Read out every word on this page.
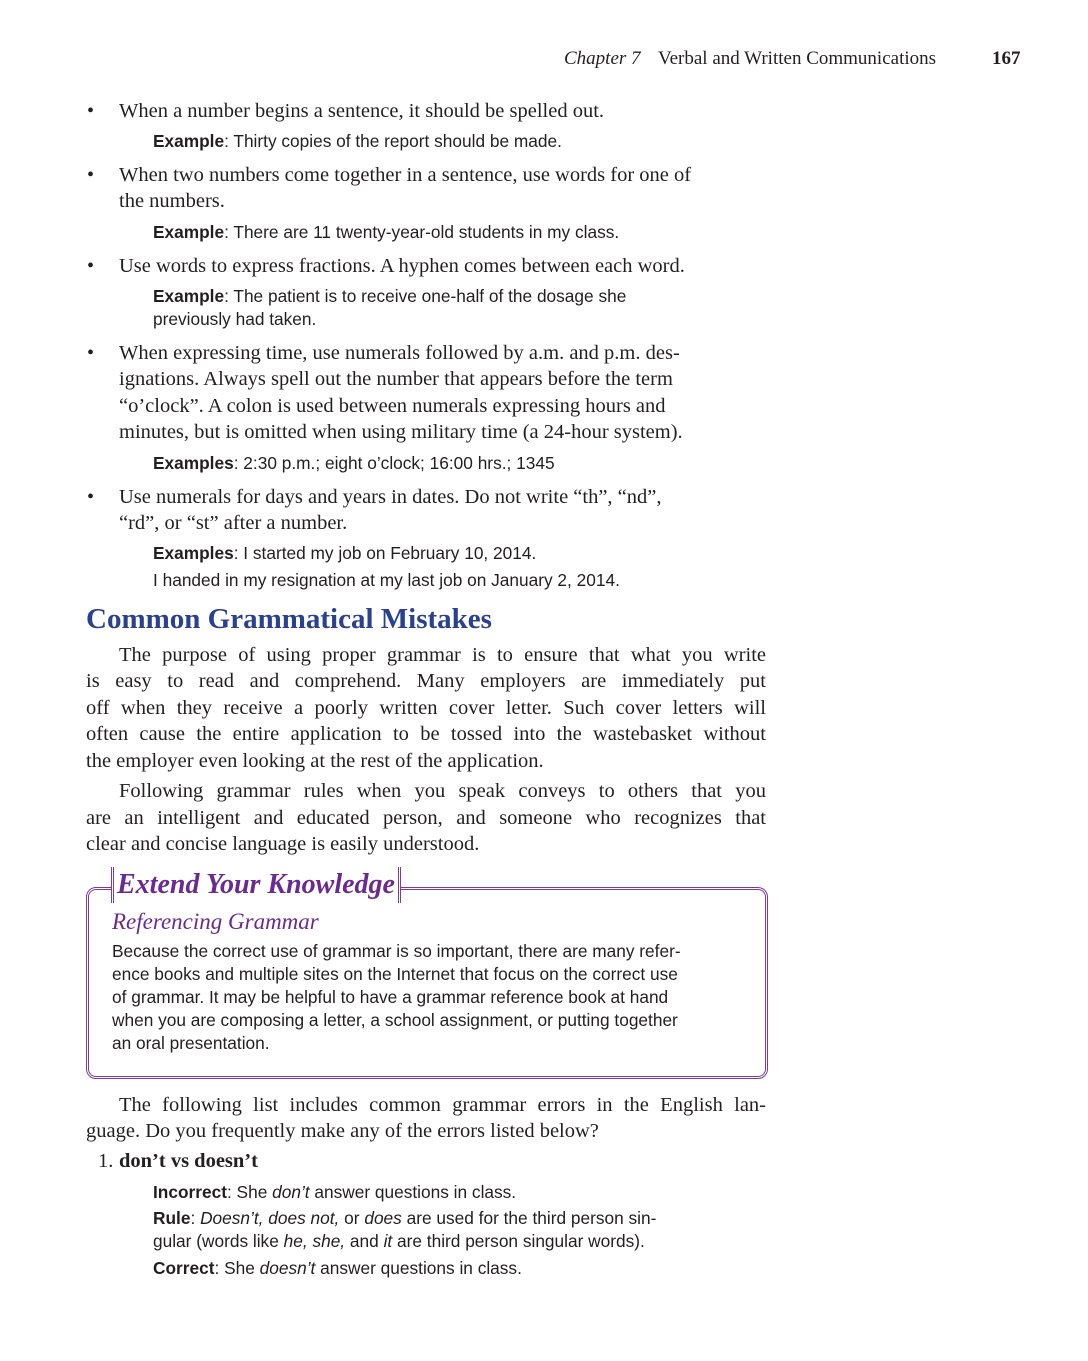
Chapter 7 Verbal and Written Communications	167
• When a number begins a sentence, it should be spelled out.
Example: Thirty copies of the report should be made.
• When two numbers come together in a sentence, use words for one of
the numbers.
Example: There are 11 twenty-year-old students in my class.
• Use words to express fractions. A hyphen comes between each word.
Example: The patient is to receive one-half of the dosage she
previously had taken.
• When expressing time, use numerals followed by a.m. and p.m. des-
ignations. Always spell out the number that appears before the term
“o’clock”. A colon is used between numerals expressing hours and
minutes, but is omitted when using military time (a 24-hour system).
Examples: 2:30 p.m.; eight o’clock; 16:00 hrs.; 1345
• Use numerals for days and years in dates. Do not write “th”, “nd”,
“rd”, or “st” after a number.
Examples: I started my job on February 10, 2014.
I handed in my resignation at my last job on January 2, 2014.
Common Grammatical Mistakes
The purpose of using proper grammar is to ensure that what you write
is easy to read and comprehend. Many employers are immediately put
off when they receive a poorly written cover letter. Such cover letters will
often cause the entire application to be tossed into the wastebasket without
the employer even looking at the rest of the application.
Following grammar rules when you speak conveys to others that you
are an intelligent and educated person, and someone who recognizes that
clear and concise language is easily understood.
Extend Your Knowledge
Referencing Grammar
Because the correct use of grammar is so important, there are many refer-
ence books and multiple sites on the Internet that focus on the correct use
of grammar. It may be helpful to have a grammar reference book at hand
when you are composing a letter, a school assignment, or putting together
an oral presentation.
The following list includes common grammar errors in the English lan-
guage. Do you frequently make any of the errors listed below?
1. don’t vs doesn’t
Incorrect: She don’t answer questions in class.
Rule: Doesn’t, does not, or does are used for the third person sin-
gular (words like he, she, and it are third person singular words).
Correct: She doesn’t answer questions in class.
